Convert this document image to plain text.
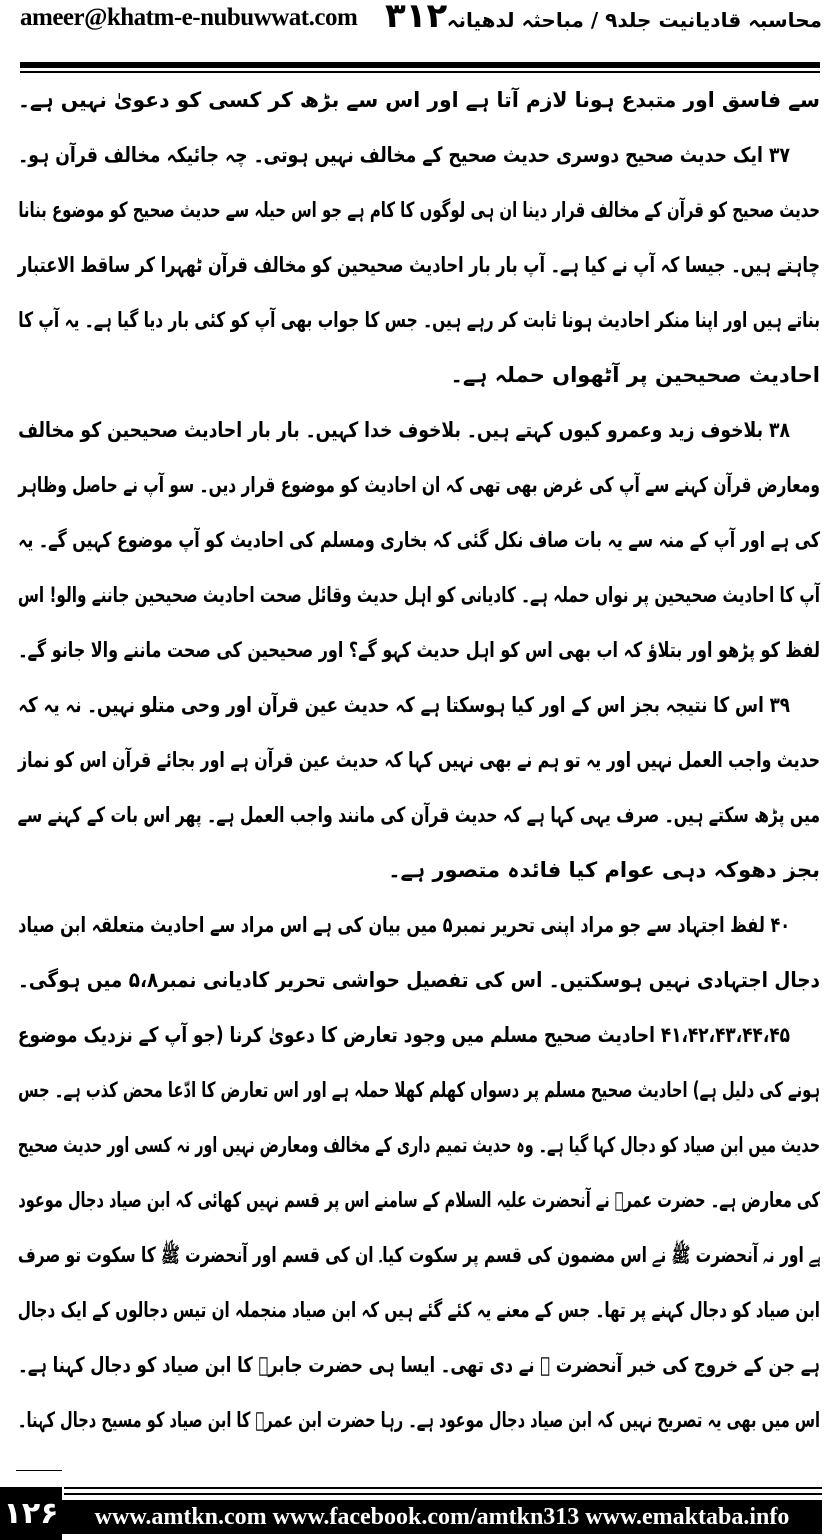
ameer@khatm-e-nubuwwat.com ۳۱۲ محاسبہ قادیانیت جلد۹ / مباحثہ لدھیانہ
سے فاسق اور متبدع ہونا لازم آتا ہے اور اس سے بڑھ کر کسی کو دعویٰ نہیں ہے۔
۳۷ ایک حدیث صحیح دوسری حدیث صحیح کے مخالف نہیں ہوتی۔ چہ جائیکہ مخالف قرآن ہو۔
حدیث صحیح کو قرآن کے مخالف قرار دینا ان ہی لوگوں کا کام ہے جو اس حیلہ سے حدیث صحیح کو موضوع بنانا
چاہتے ہیں۔ جیسا کہ آپ نے کیا ہے۔ آپ بار بار احادیث صحیحین کو مخالف قرآن ٹھہرا کر ساقط الاعتبار
بناتے ہیں اور اپنا منکر احادیث ہونا ثابت کر رہے ہیں۔ جس کا جواب بھی آپ کو کئی بار دیا گیا ہے۔ یہ آپ کا
احادیث صحیحین پر آٹھواں حملہ ہے۔
۳۸ بلاخوف زید وعمرو کیوں کہتے ہیں۔ بلاخوف خدا کہیں۔ بار بار احادیث صحیحین کو مخالف
ومعارض قرآن کہنے سے آپ کی غرض بھی تھی کہ ان احادیث کو موضوع قرار دیں۔ سو آپ نے حاصل وظاہر
کی ہے اور آپ کے منہ سے یہ بات صاف نکل گئی کہ بخاری ومسلم کی احادیث کو آپ موضوع کہیں گے۔ یہ
آپ کا احادیث صحیحین پر نواں حملہ ہے۔ کادیانی کو اہل حدیث وقائل صحت احادیث صحیحین جاننے والو! اس
لفظ کو پڑھو اور بتلاؤ کہ اب بھی اس کو اہل حدیث کہو گے؟ اور صحیحین کی صحت ماننے والا جانو گے۔
۳۹ اس کا نتیجہ بجز اس کے اور کیا ہوسکتا ہے کہ حدیث عین قرآن اور وحی متلو نہیں۔ نہ یہ کہ
حدیث واجب العمل نہیں اور یہ تو ہم نے بھی نہیں کہا کہ حدیث عین قرآن ہے اور بجائے قرآن اس کو نماز
میں پڑھ سکتے ہیں۔ صرف یہی کہا ہے کہ حدیث قرآن کی مانند واجب العمل ہے۔ پھر اس بات کے کہنے سے
بجز دھوکہ دہی عوام کیا فائدہ متصور ہے۔
۴۰ لفظ اجتہاد سے جو مراد اپنی تحریر نمبر۵ میں بیان کی ہے اس مراد سے احادیث متعلقہ ابن صیاد
دجال اجتہادی نہیں ہوسکتیں۔ اس کی تفصیل حواشی تحریر کادیانی نمبر۵،۸ میں ہوگی۔
۴۱،۴۲،۴۳،۴۴،۴۵ احادیث صحیح مسلم میں وجود تعارض کا دعویٰ کرنا (جو آپ کے نزدیک موضوع
ہونے کی دلیل ہے) احادیث صحیح مسلم پر دسواں کھلم کھلا حملہ ہے اور اس تعارض کا ادّعا محض کذب ہے۔ جس
حدیث میں ابن صیاد کو دجال کہا گیا ہے۔ وہ حدیث تمیم داری کے مخالف ومعارض نہیں اور نہ کسی اور حدیث صحیح
کی معارض ہے۔ حضرت عمرؓ نے آنحضرت علیہ السلام کے سامنے اس پر قسم نہیں کھائی کہ ابن صیاد دجال موعود
ہے اور نہ آنحضرت ﷺ نے اس مضمون کی قسم پر سکوت کیا۔ ان کی قسم اور آنحضرت ﷺ کا سکوت تو صرف
ابن صیاد کو دجال کہنے پر تھا۔ جس کے معنے یہ کئے گئے ہیں کہ ابن صیاد منجملہ ان تیس دجالوں کے ایک دجال
ہے جن کے خروج کی خبر آنحضرت ﷺ نے دی تھی۔ ایسا ہی حضرت جابرؓ کا ابن صیاد کو دجال کہنا ہے۔
اس میں بھی یہ تصریح نہیں کہ ابن صیاد دجال موعود ہے۔ رہا حضرت ابن عمرؓ کا ابن صیاد کو مسیح دجال کہنا۔
۱۲۶	www.amtkn.com www.facebook.com/amtkn313 www.emaktaba.info
